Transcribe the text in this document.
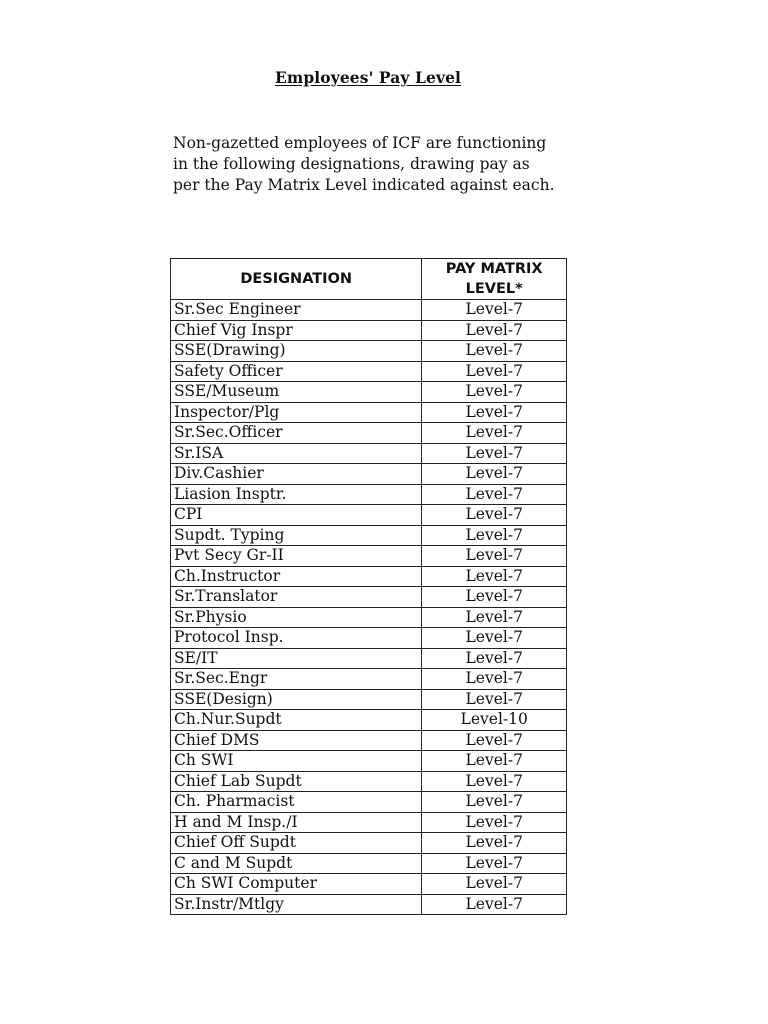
Employees' Pay Level
Non-gazetted employees of ICF are functioning
in the following designations, drawing pay as
per the Pay Matrix Level indicated against each.
DESIGNATION	PAY MATRIX
LEVEL*

Sr.Sec Engineer	Level-7
Chief Vig Inspr	Level-7
SSE(Drawing)	Level-7
Safety Officer	Level-7
SSE/Museum	Level-7
Inspector/Plg	Level-7
Sr.Sec.Officer	Level-7
Sr.ISA	Level-7
Div.Cashier	Level-7
Liasion Insptr.	Level-7
CPI	Level-7
Supdt. Typing	Level-7
Pvt Secy Gr-II	Level-7
Ch.Instructor	Level-7
Sr.Translator	Level-7
Sr.Physio	Level-7
Protocol Insp.	Level-7
SE/IT	Level-7
Sr.Sec.Engr	Level-7
SSE(Design)	Level-7
Ch.Nur.Supdt	Level-10
Chief DMS	Level-7
Ch SWI	Level-7
Chief Lab Supdt	Level-7
Ch. Pharmacist	Level-7
H and M Insp./I	Level-7
Chief Off Supdt	Level-7
C and M Supdt	Level-7
Ch SWI Computer	Level-7
Sr.Instr/Mtlgy	Level-7
